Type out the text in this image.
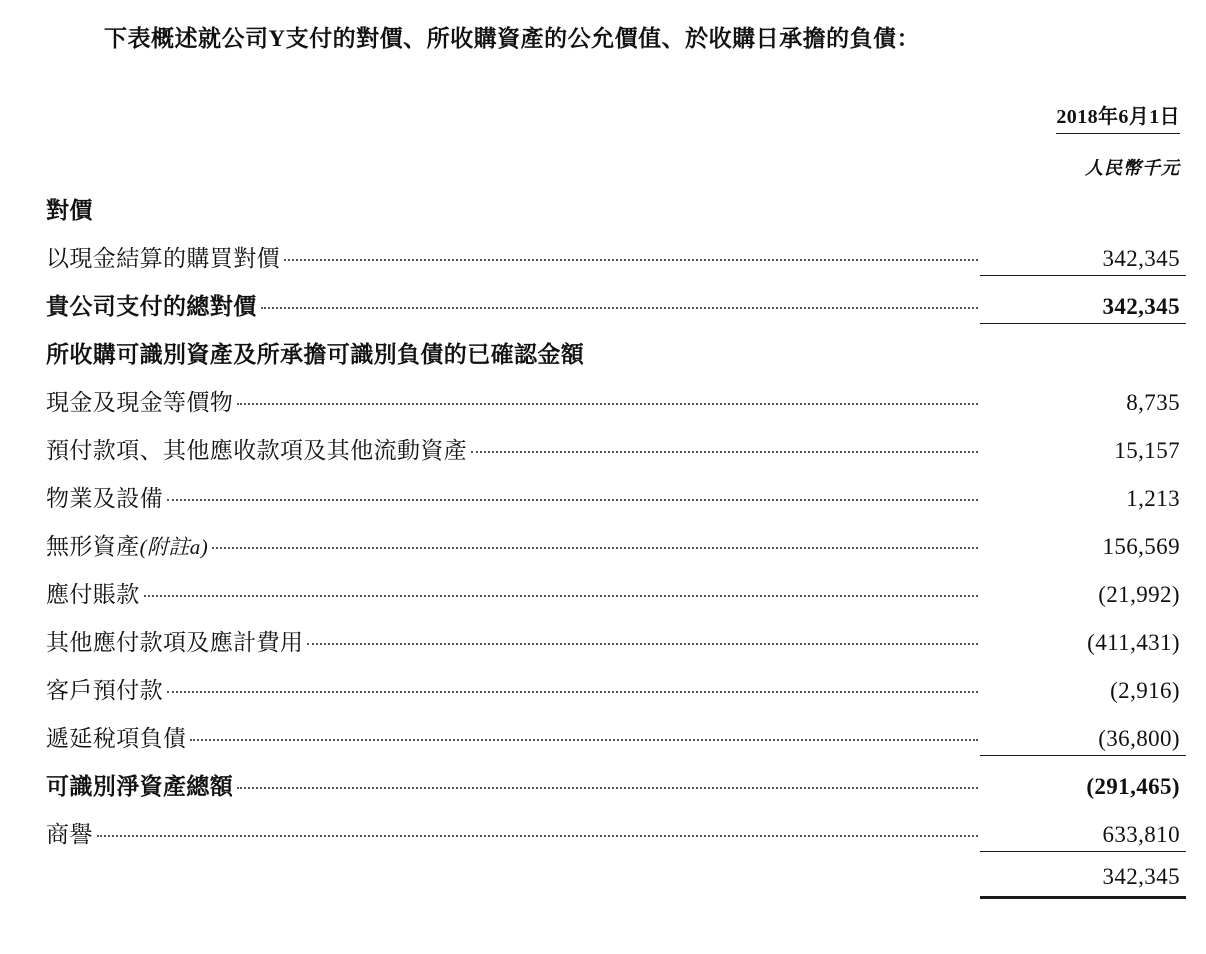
下表概述就公司Y支付的對價、所收購資產的公允價值、於收購日承擔的負債：
2018年6月1日
人民幣千元
對價
以現金結算的購買對價	342,345
貴公司支付的總對價	342,345
所收購可識別資產及所承擔可識別負債的已確認金額
現金及現金等價物	8,735
預付款項、其他應收款項及其他流動資產	15,157
物業及設備	1,213
無形資產(附註a)	156,569
應付賬款	(21,992)
其他應付款項及應計費用	(411,431)
客戶預付款	(2,916)
遞延稅項負債	(36,800)
可識別淨資產總額	(291,465)
商譽	633,810
342,345
